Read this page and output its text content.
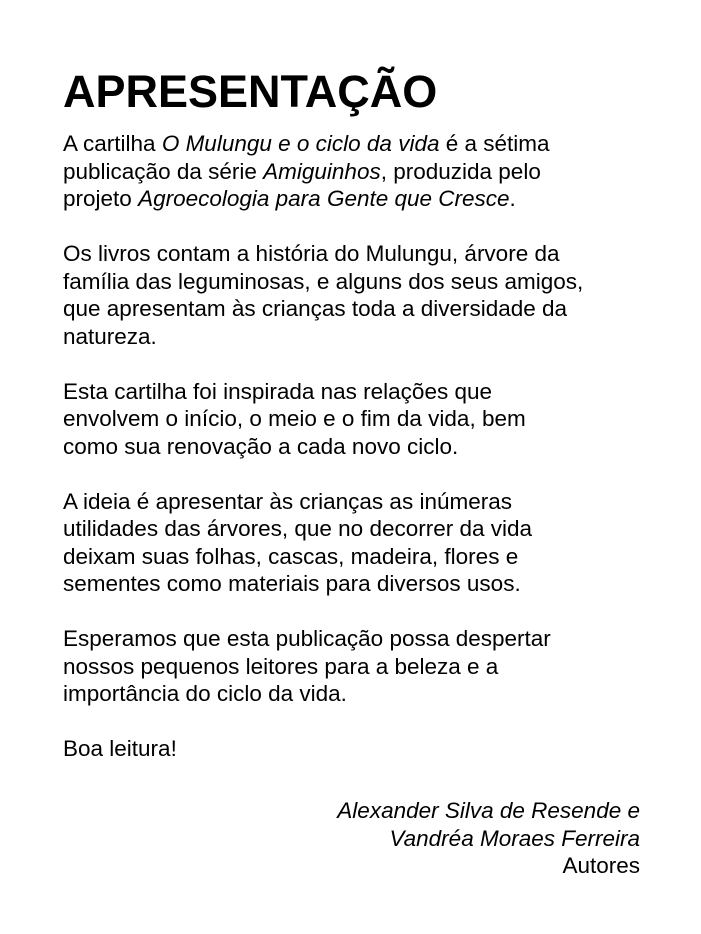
APRESENTAÇÃO

A cartilha O Mulungu e o ciclo da vida é a sétima
publicação da série Amiguinhos, produzida pelo
projeto Agroecologia para Gente que Cresce.

Os livros contam a história do Mulungu, árvore da
família das leguminosas, e alguns dos seus amigos,
que apresentam às crianças toda a diversidade da
natureza.

Esta cartilha foi inspirada nas relações que
envolvem o início, o meio e o fim da vida, bem
como sua renovação a cada novo ciclo.

A ideia é apresentar às crianças as inúmeras
utilidades das árvores, que no decorrer da vida
deixam suas folhas, cascas, madeira, flores e
sementes como materiais para diversos usos.

Esperamos que esta publicação possa despertar
nossos pequenos leitores para a beleza e a
importância do ciclo da vida.

Boa leitura!

Alexander Silva de Resende e
Vandréa Moraes Ferreira
Autores
